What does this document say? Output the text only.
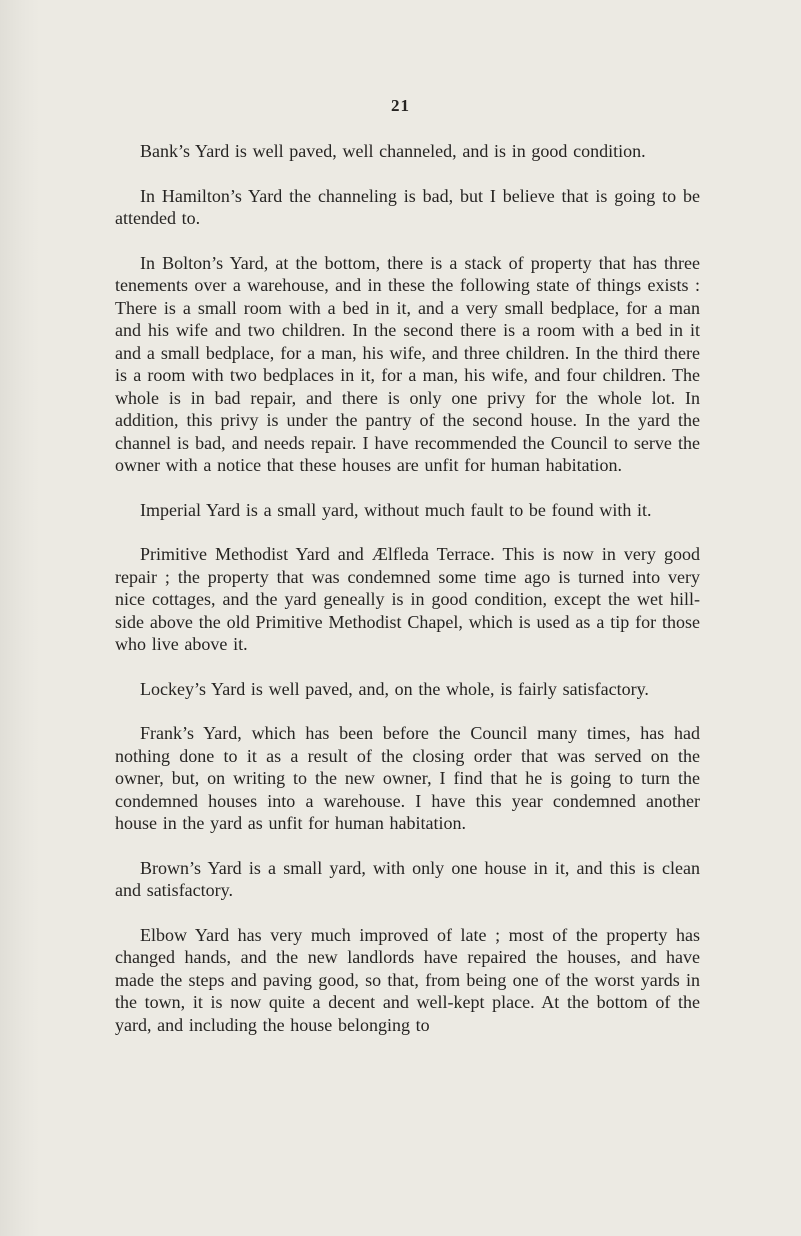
21

Bank’s Yard is well paved, well channeled, and is in good condition.

In Hamilton’s Yard the channeling is bad, but I believe that is going to be attended to.

In Bolton’s Yard, at the bottom, there is a stack of property that has three tenements over a warehouse, and in these the following state of things exists : There is a small room with a bed in it, and a very small bedplace, for a man and his wife and two children. In the second there is a room with a bed in it and a small bedplace, for a man, his wife, and three children. In the third there is a room with two bedplaces in it, for a man, his wife, and four children. The whole is in bad repair, and there is only one privy for the whole lot. In addition, this privy is under the pantry of the second house. In the yard the channel is bad, and needs repair. I have recommended the Council to serve the owner with a notice that these houses are unfit for human habitation.

Imperial Yard is a small yard, without much fault to be found with it.

Primitive Methodist Yard and Ælfleda Terrace. This is now in very good repair ; the property that was condemned some time ago is turned into very nice cottages, and the yard geneally is in good condition, except the wet hill-side above the old Primitive Methodist Chapel, which is used as a tip for those who live above it.

Lockey’s Yard is well paved, and, on the whole, is fairly satisfactory.

Frank’s Yard, which has been before the Council many times, has had nothing done to it as a result of the closing order that was served on the owner, but, on writing to the new owner, I find that he is going to turn the condemned houses into a warehouse. I have this year condemned another house in the yard as unfit for human habitation.

Brown’s Yard is a small yard, with only one house in it, and this is clean and satisfactory.

Elbow Yard has very much improved of late ; most of the property has changed hands, and the new landlords have repaired the houses, and have made the steps and paving good, so that, from being one of the worst yards in the town, it is now quite a decent and well-kept place. At the bottom of the yard, and including the house belonging to
